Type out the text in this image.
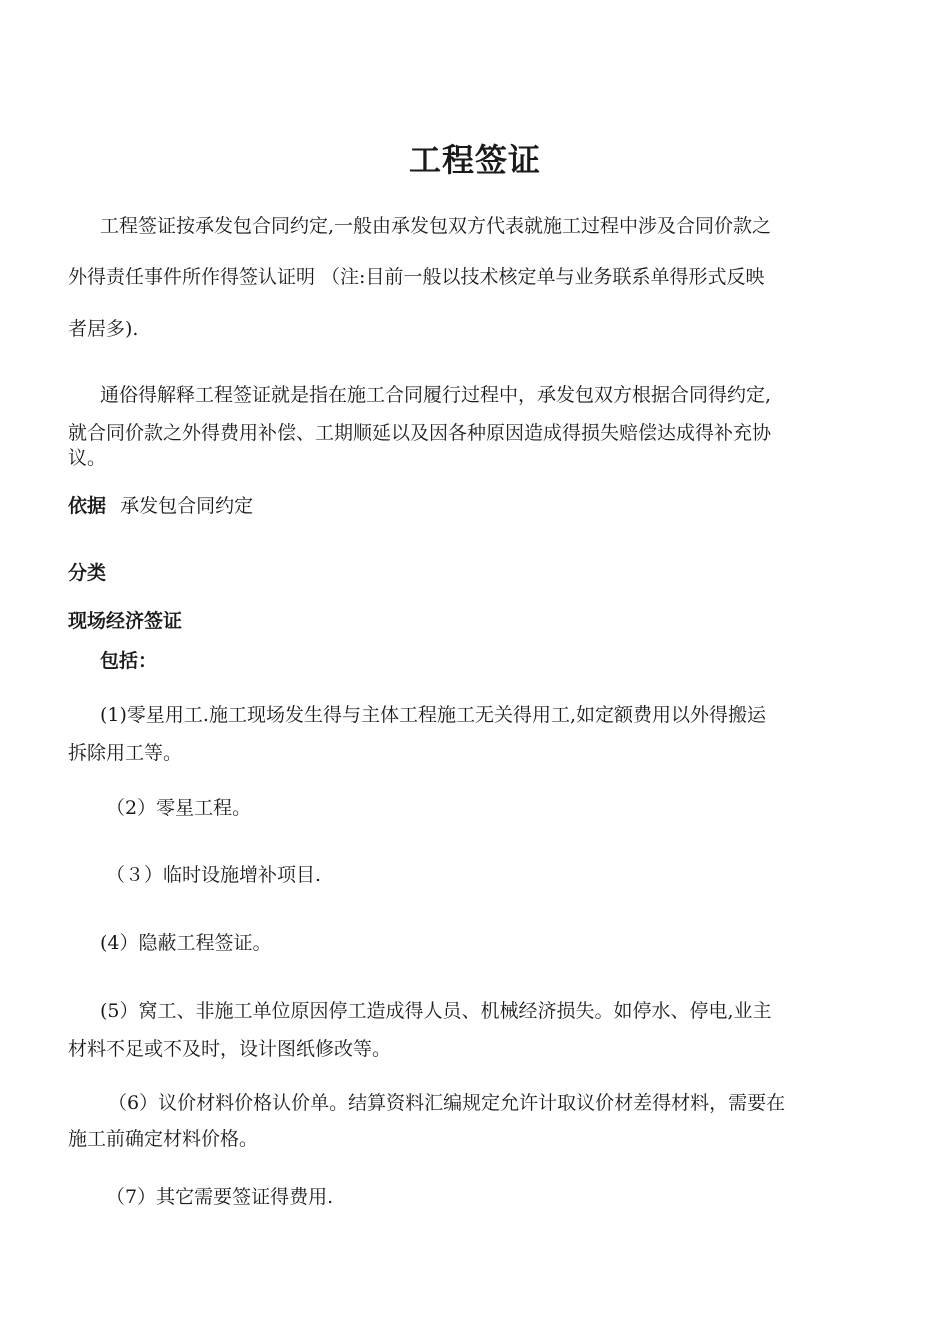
工程签证
工程签证按承发包合同约定,一般由承发包双方代表就施工过程中涉及合同价款之
外得责任事件所作得签认证明 （注:目前一般以技术核定单与业务联系单得形式反映
者居多).
通俗得解释工程签证就是指在施工合同履行过程中，承发包双方根据合同得约定,
就合同价款之外得费用补偿、工期顺延以及因各种原因造成得损失赔偿达成得补充协
议。
依据 承发包合同约定
分类
现场经济签证
包括：
(1)零星用工.施工现场发生得与主体工程施工无关得用工,如定额费用以外得搬运
拆除用工等。
（2）零星工程。
（３）临时设施增补项目.
(4）隐蔽工程签证。
(5）窝工、非施工单位原因停工造成得人员、机械经济损失。如停水、停电,业主
材料不足或不及时，设计图纸修改等。
（6）议价材料价格认价单。结算资料汇编规定允许计取议价材差得材料，需要在
施工前确定材料价格。
（7）其它需要签证得费用.
